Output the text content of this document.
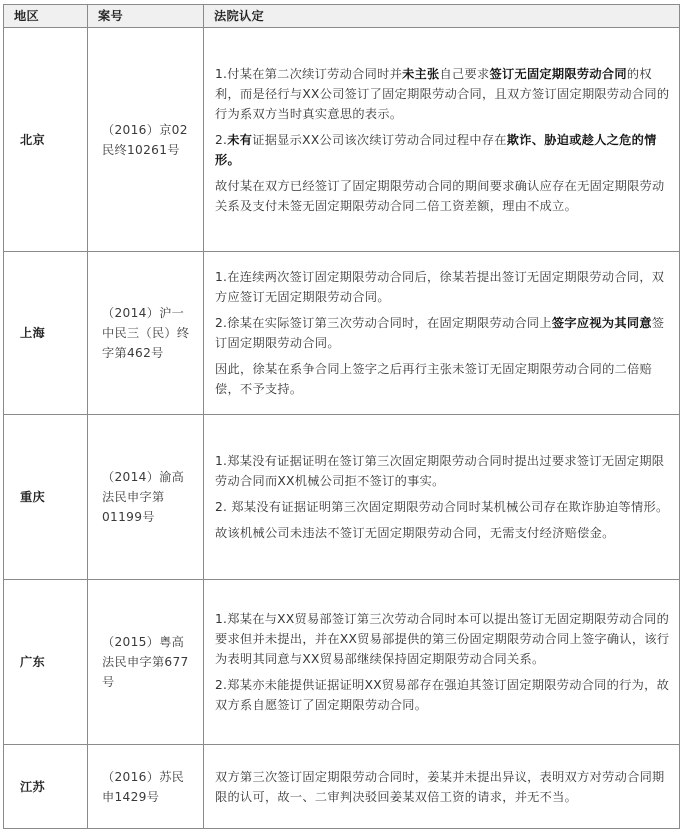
地区	案号	法院认定
北京	（2016）京02民终10261号	1.付某在第二次续订劳动合同时并未主张自己要求签订无固定期限劳动合同的权利，而是径行与XX公司签订了固定期限劳动合同，且双方签订固定期限劳动合同的行为系双方当时真实意思的表示。

2.未有证据显示XX公司该次续订劳动合同过程中存在欺诈、胁迫或趁人之危的情形。

故付某在双方已经签订了固定期限劳动合同的期间要求确认应存在无固定期限劳动关系及支付未签无固定期限劳动合同二倍工资差额，理由不成立。

上海	（2014）沪一中民三（民）终字第462号	1.在连续两次签订固定期限劳动合同后，徐某若提出签订无固定期限劳动合同，双方应签订无固定期限劳动合同。

2.徐某在实际签订第三次劳动合同时，在固定期限劳动合同上签字应视为其同意签订固定期限劳动合同。

因此，徐某在系争合同上签字之后再行主张未签订无固定期限劳动合同的二倍赔偿，不予支持。

重庆	（2014）渝高法民申字第01199号	1.郑某没有证据证明在签订第三次固定期限劳动合同时提出过要求签订无固定期限劳动合同而XX机械公司拒不签订的事实。

2. 郑某没有证据证明第三次固定期限劳动合同时某机械公司存在欺诈胁迫等情形。

故该机械公司未违法不签订无固定期限劳动合同，无需支付经济赔偿金。

广东	（2015）粤高法民申字第677号	1.郑某在与XX贸易部签订第三次劳动合同时本可以提出签订无固定期限劳动合同的要求但并未提出，并在XX贸易部提供的第三份固定期限劳动合同上签字确认，该行为表明其同意与XX贸易部继续保持固定期限劳动合同关系。

2.郑某亦未能提供证据证明XX贸易部存在强迫其签订固定期限劳动合同的行为，故双方系自愿签订了固定期限劳动合同。

江苏	（2016）苏民申1429号	双方第三次签订固定期限劳动合同时，姜某并未提出异议，表明双方对劳动合同期限的认可，故一、二审判决驳回姜某双倍工资的请求，并无不当。
